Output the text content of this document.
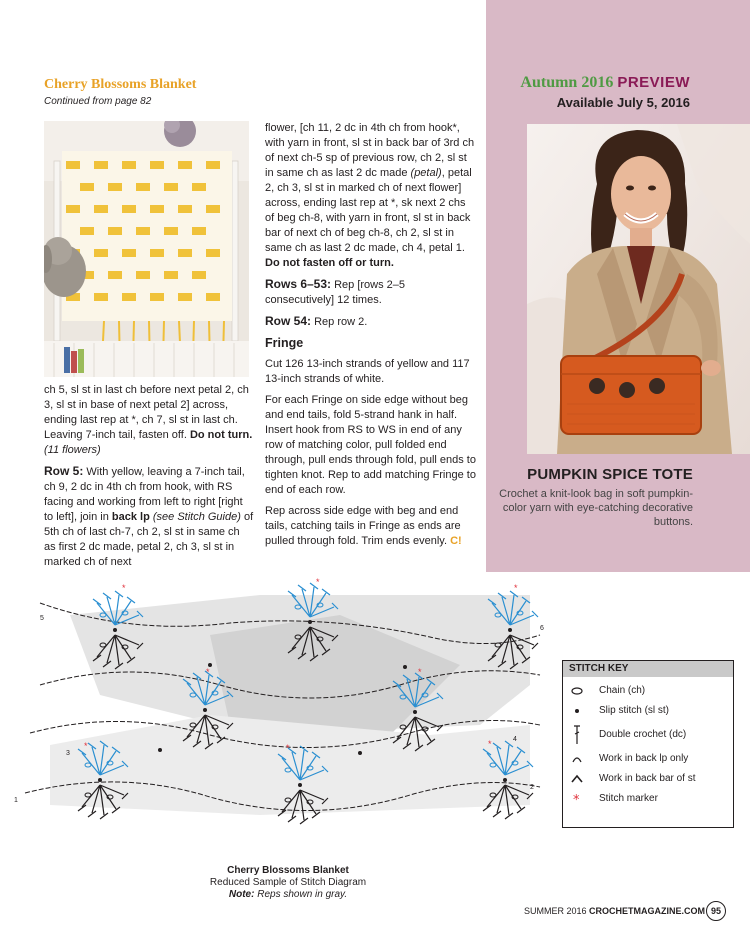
Autumn 2016 PREVIEW
Available July 5, 2016
PUMPKIN SPICE TOTE
Crochet a knit-look bag in soft pumpkin-color yarn with eye-catching decorative buttons.
Cherry Blossoms Blanket
Continued from page 82

ch 5, sl st in last ch before next petal 2, ch 3, sl st in base of next petal 2] across, ending last rep at *, ch 7, sl st in last ch. Leaving 7-inch tail, fasten off. Do not turn. (11 flowers)

Row 5: With yellow, leaving a 7-inch tail, ch 9, 2 dc in 4th ch from hook, with RS facing and working from left to right [right to left], join in back lp (see Stitch Guide) of 5th ch of last ch-7, ch 2, sl st in same ch as first 2 dc made, petal 2, ch 3, sl st in marked ch of next

flower, [ch 11, 2 dc in 4th ch from hook*, with yarn in front, sl st in back bar of 3rd ch of next ch-5 sp of previous row, ch 2, sl st in same ch as last 2 dc made (petal), petal 2, ch 3, sl st in marked ch of next flower] across, ending last rep at *, sk next 2 chs of beg ch-8, with yarn in front, sl st in back bar of next ch of beg ch-8, ch 2, sl st in same ch as last 2 dc made, ch 4, petal 1. Do not fasten off or turn.

Rows 6–53: Rep [rows 2–5 consecutively] 12 times.

Row 54: Rep row 2.

Fringe

Cut 126 13-inch strands of yellow and 117 13-inch strands of white.

For each Fringe on side edge without beg and end tails, fold 5-strand hank in half. Insert hook from RS to WS in end of any row of matching color, pull folded end through, pull ends through fold, pull ends to tighten knot. Rep to add matching Fringe to end of each row.

Rep across side edge with beg and end tails, catching tails in Fringe as ends are pulled through fold. Trim ends evenly. C!

*
*
*
*	*
*	*	*
1
2
3
4
5
6
Cherry Blossoms Blanket
Reduced Sample of Stitch Diagram
Note: Reps shown in gray.
STITCH KEY
Chain (ch)
Slip stitch (sl st)
Double crochet (dc)
Work in back lp only
Work in back bar of st
* Stitch marker
SUMMER 2016 CROCHETMAGAZINE.COM 95
